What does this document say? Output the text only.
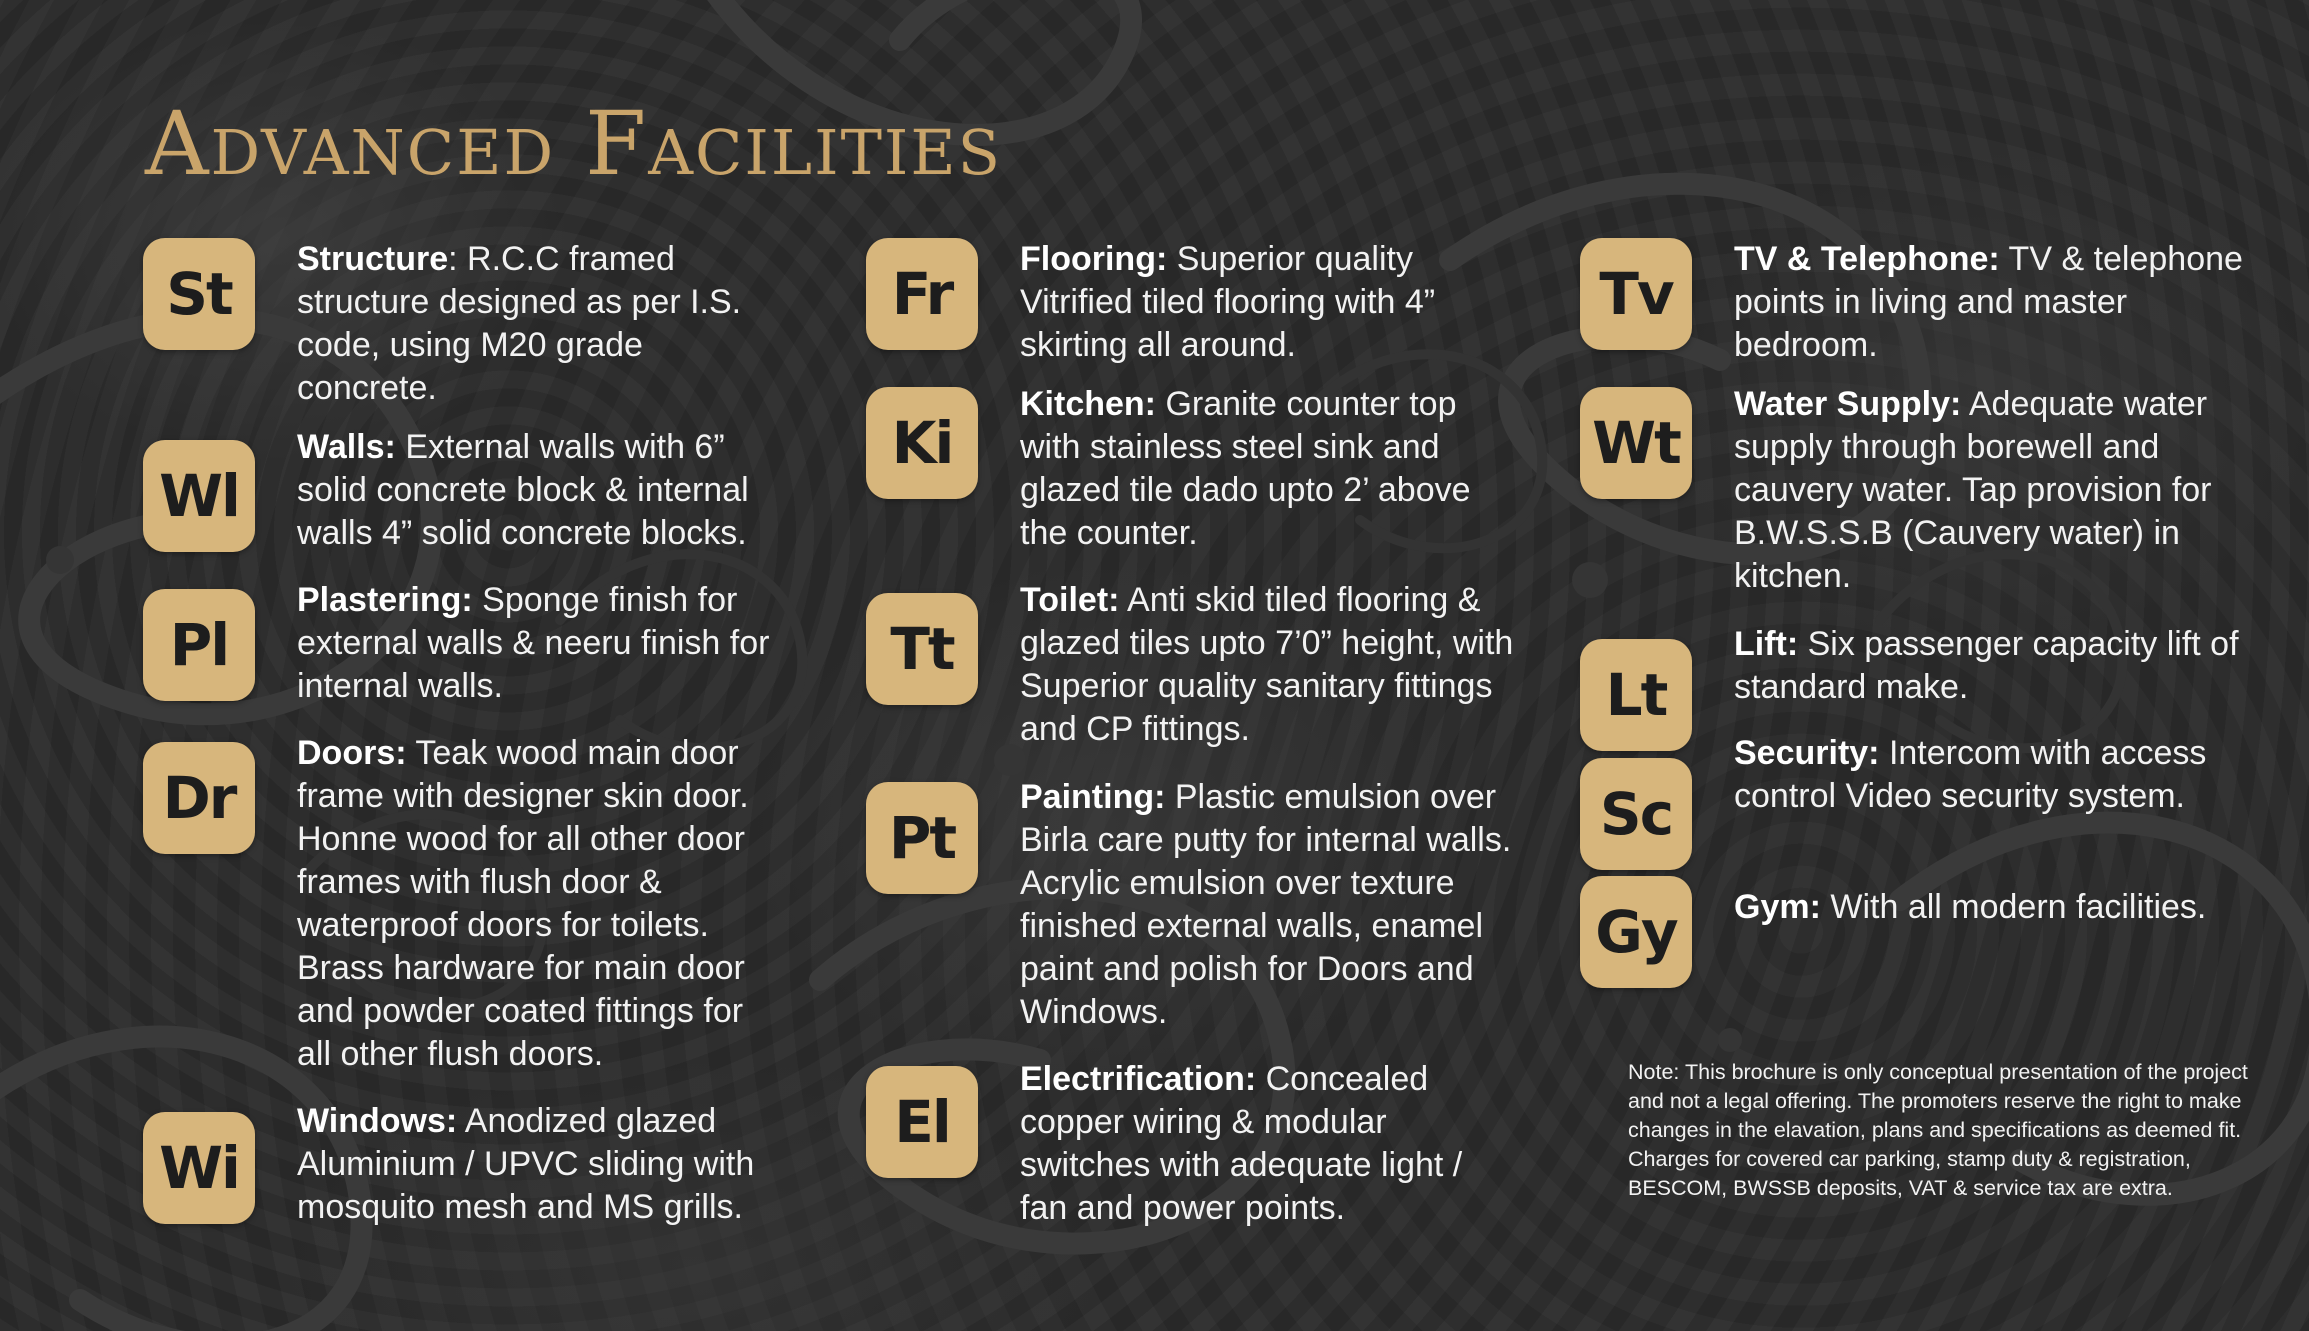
Advanced Facilities
St
Structure: R.C.C framed structure designed as per I.S. code, using M20 grade concrete.
Wl
Walls: External walls with 6” solid concrete block & internal walls 4” solid concrete blocks.
Pl
Plastering: Sponge finish for external walls & neeru finish for internal walls.
Dr
Doors: Teak wood main door frame with designer skin door. Honne wood for all other door frames with flush door & waterproof doors for toilets. Brass hardware for main door and powder coated fittings for all other flush doors.
Wi
Windows: Anodized glazed Aluminium / UPVC sliding with mosquito mesh and MS grills.
Fr
Flooring: Superior quality Vitrified tiled flooring with 4” skirting all around.
Ki
Kitchen: Granite counter top with stainless steel sink and glazed tile dado upto 2’ above the counter.
Tt
Toilet: Anti skid tiled flooring & glazed tiles upto 7’0” height, with Superior quality sanitary fittings and CP fittings.
Pt
Painting: Plastic emulsion over Birla care putty for internal walls. Acrylic emulsion over texture finished external walls, enamel paint and polish for Doors and Windows.
El
Electrification: Concealed copper wiring & modular switches with adequate light / fan and power points.
Tv
TV & Telephone: TV & telephone points in living and master bedroom.
Wt
Water Supply: Adequate water supply through borewell and cauvery water. Tap provision for B.W.S.S.B (Cauvery water) in kitchen.
Lt
Lift: Six passenger capacity lift of standard make.
Sc
Security: Intercom with access control Video security system.
Gy	Gym: With all modern facilities.
Note: This brochure is only conceptual presentation of the project and not a legal offering. The promoters reserve the right to make changes in the elavation, plans and specifications as deemed fit. Charges for covered car parking, stamp duty & registration, BESCOM, BWSSB deposits, VAT & service tax are extra.
